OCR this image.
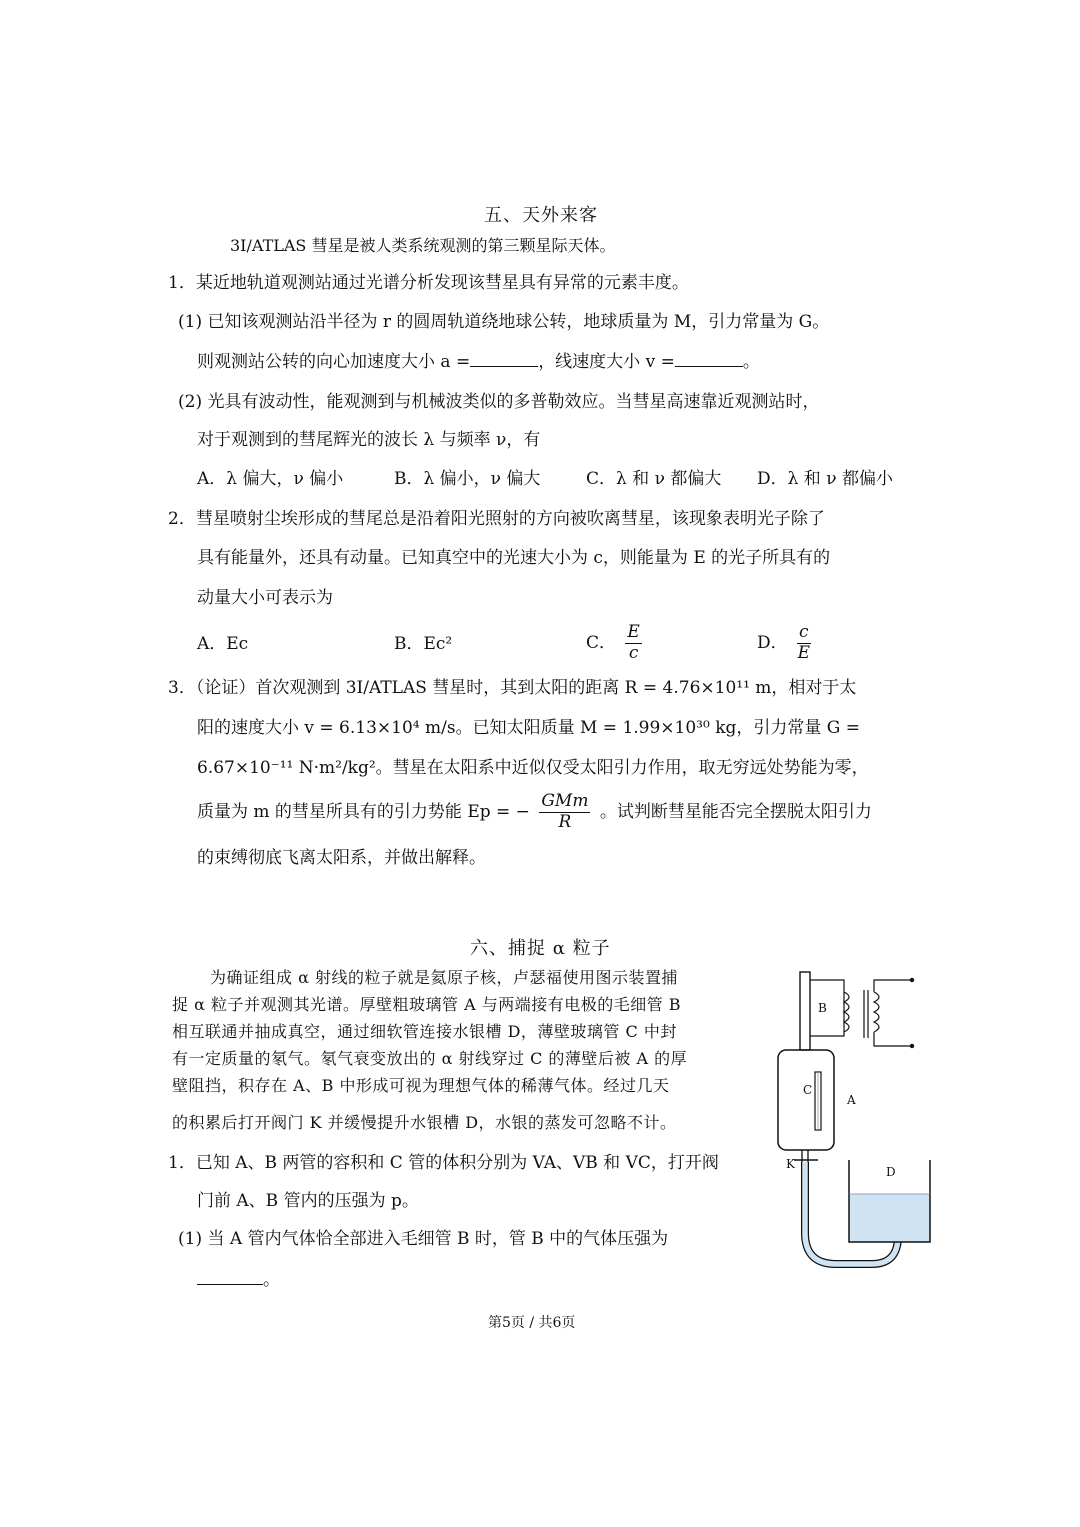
五、天外来客
3I/ATLAS 彗星是被人类系统观测的第三颗星际天体。
1．某近地轨道观测站通过光谱分析发现该彗星具有异常的元素丰度。
(1) 已知该观测站沿半径为 r 的圆周轨道绕地球公转，地球质量为 M，引力常量为 G。
则观测站公转的向心加速度大小 a =	，线速度大小 v =	。
(2) 光具有波动性，能观测到与机械波类似的多普勒效应。当彗星高速靠近观测站时，
对于观测到的彗尾辉光的波长 λ 与频率 ν，有
A．λ 偏大，ν 偏小	B．λ 偏小，ν 偏大	C．λ 和 ν 都偏大 D．λ 和 ν 都偏小
2．彗星喷射尘埃形成的彗尾总是沿着阳光照射的方向被吹离彗星，该现象表明光子除了
具有能量外，还具有动量。已知真空中的光速大小为 c，则能量为 E 的光子所具有的
动量大小可表示为
A．Ec	B．Ec²	C． $\frac{E}{c}$	D． $\frac{c}{E}$
3．（论证）首次观测到 3I/ATLAS 彗星时，其到太阳的距离 R = 4.76×10¹¹ m，相对于太
阳的速度大小 v = 6.13×10⁴ m/s。已知太阳质量 M = 1.99×10³⁰ kg，引力常量 G =
6.67×10⁻¹¹ N·m²/kg²。彗星在太阳系中近似仅受太阳引力作用，取无穷远处势能为零，
质量为 m 的彗星所具有的引力势能 Ep = − $\frac{\text{GMm}}{R}$ 。试判断彗星能否完全摆脱太阳引力
的束缚彻底飞离太阳系，并做出解释。
六、捕捉 α 粒子
为确证组成 α 射线的粒子就是氦原子核，卢瑟福使用图示装置捕
捉 α 粒子并观测其光谱。厚壁粗玻璃管 A 与两端接有电极的毛细管 B
相互联通并抽成真空，通过细软管连接水银槽 D，薄壁玻璃管 C 中封
有一定质量的氡气。氡气衰变放出的 α 射线穿过 C 的薄壁后被 A 的厚
壁阻挡，积存在 A、B 中形成可视为理想气体的稀薄气体。经过几天
的积累后打开阀门 K 并缓慢提升水银槽 D，水银的蒸发可忽略不计。
1．已知 A、B 两管的容积和 C 管的体积分别为 VA、VB 和 VC，打开阀
门前 A、B 管内的压强为 p。
(1) 当 A 管内气体恰全部进入毛细管 B 时，管 B 中的气体压强为
。
B
C
A
K
D
第5页 / 共6页
